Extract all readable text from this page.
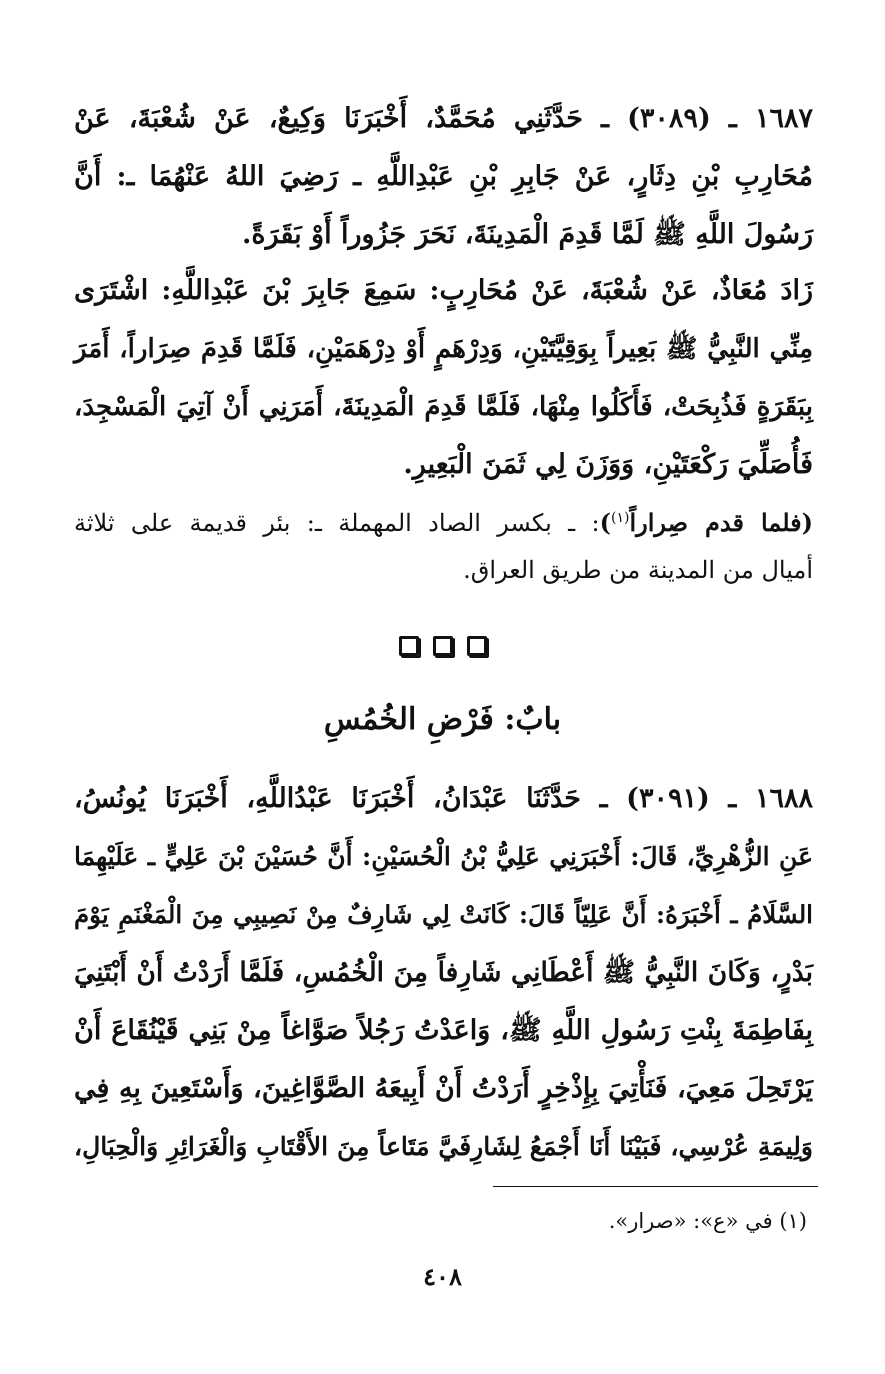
١٦٨٧ ـ (٣٠٨٩) ـ حَدَّثَنِي مُحَمَّدٌ، أَخْبَرَنَا وَكِيعٌ، عَنْ شُعْبَةَ، عَنْ
مُحَارِبِ بْنِ دِثَارٍ، عَنْ جَابِرِ بْنِ عَبْدِاللَّهِ ـ رَضِيَ اللهُ عَنْهُمَا ـ: أَنَّ
رَسُولَ اللَّهِ ﷺ لَمَّا قَدِمَ الْمَدِينَةَ، نَحَرَ جَزُوراً أَوْ بَقَرَةً.
زَادَ مُعَاذٌ، عَنْ شُعْبَةَ، عَنْ مُحَارِبٍ: سَمِعَ جَابِرَ بْنَ عَبْدِاللَّهِ: اشْتَرَى
مِنِّي النَّبِيُّ ﷺ بَعِيراً بِوَقِيَّتَيْنِ، وَدِرْهَمٍ أَوْ دِرْهَمَيْنِ، فَلَمَّا قَدِمَ صِرَاراً، أَمَرَ
بِبَقَرَةٍ فَذُبِحَتْ، فَأَكَلُوا مِنْهَا، فَلَمَّا قَدِمَ الْمَدِينَةَ، أَمَرَنِي أَنْ آتِيَ الْمَسْجِدَ،
فَأُصَلِّيَ رَكْعَتَيْنِ، وَوَزَنَ لِي ثَمَنَ الْبَعِيرِ.
(فلما قدم صِراراً$^{(١)}$): ـ بكسر الصاد المهملة ـ: بئر قديمة على ثلاثة
أميال من المدينة من طريق العراق.
بابٌ: فَرْضِ الخُمُسِ
١٦٨٨ ـ (٣٠٩١) ـ حَدَّثَنَا عَبْدَانُ، أَخْبَرَنَا عَبْدُاللَّهِ، أَخْبَرَنَا يُونُسُ،
عَنِ الزُّهْرِيِّ، قَالَ: أَخْبَرَنِي عَلِيُّ بْنُ الْحُسَيْنِ: أَنَّ حُسَيْنَ بْنَ عَلِيٍّ ـ عَلَيْهِمَا
السَّلَامُ ـ أَخْبَرَهُ: أَنَّ عَلِيّاً قَالَ: كَانَتْ لِي شَارِفٌ مِنْ نَصِيبِي مِنَ الْمَغْنَمِ يَوْمَ
بَدْرٍ، وَكَانَ النَّبِيُّ ﷺ أَعْطَانِي شَارِفاً مِنَ الْخُمُسِ، فَلَمَّا أَرَدْتُ أَنْ أَبْتَنِيَ
بِفَاطِمَةَ بِنْتِ رَسُولِ اللَّهِ ﷺ، وَاعَدْتُ رَجُلاً صَوَّاغاً مِنْ بَنِي قَيْنُقَاعَ أَنْ
يَرْتَحِلَ مَعِيَ، فَنَأْتِيَ بِإِذْخِرٍ أَرَدْتُ أَنْ أَبِيعَهُ الصَّوَّاغِينَ، وَأَسْتَعِينَ بِهِ فِي
وَلِيمَةِ عُرْسِي، فَبَيْنَا أَنَا أَجْمَعُ لِشَارِفَيَّ مَتَاعاً مِنَ الأَقْتَابِ وَالْغَرَائِرِ وَالْحِبَالِ،
(١) في «ع»: «صرار».
٤٠٨
